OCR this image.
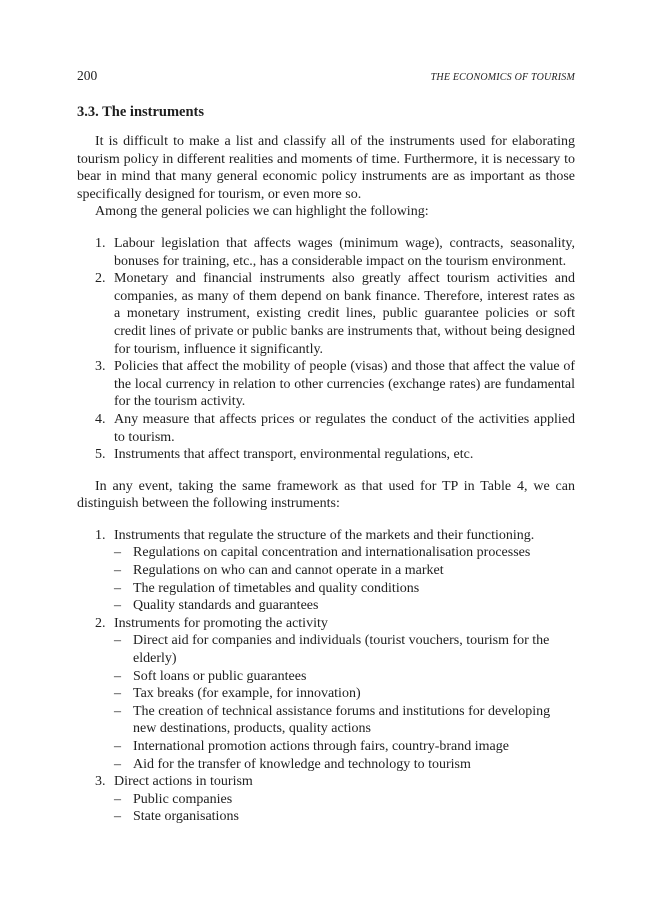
200	THE ECONOMICS OF TOURISM
3.3. The instruments

It is difficult to make a list and classify all of the instruments used for elaborating tourism policy in different realities and moments of time. Furthermore, it is necessary to bear in mind that many general economic policy instruments are as important as those specifically designed for tourism, or even more so.

Among the general policies we can highlight the following:

1. Labour legislation that affects wages (minimum wage), contracts, seasonality, bonuses for training, etc., has a considerable impact on the tourism environment.
2. Monetary and financial instruments also greatly affect tourism activities and companies, as many of them depend on bank finance. Therefore, interest rates as a monetary instrument, existing credit lines, public guarantee policies or soft credit lines of private or public banks are instruments that, without being designed for tourism, influence it significantly.
3. Policies that affect the mobility of people (visas) and those that affect the value of the local currency in relation to other currencies (exchange rates) are fundamental for the tourism activity.
4. Any measure that affects prices or regulates the conduct of the activities applied to tourism.
5. Instruments that affect transport, environmental regulations, etc.

In any event, taking the same framework as that used for TP in Table 4, we can distinguish between the following instruments:

1. Instruments that regulate the structure of the markets and their functioning.
– Regulations on capital concentration and internationalisation processes
– Regulations on who can and cannot operate in a market
– The regulation of timetables and quality conditions
– Quality standards and guarantees
2. Instruments for promoting the activity
– Direct aid for companies and individuals (tourist vouchers, tourism for the elderly)
– Soft loans or public guarantees
– Tax breaks (for example, for innovation)
– The creation of technical assistance forums and institutions for developing new destinations, products, quality actions
– International promotion actions through fairs, country-brand image
– Aid for the transfer of knowledge and technology to tourism
3. Direct actions in tourism
– Public companies
– State organisations
